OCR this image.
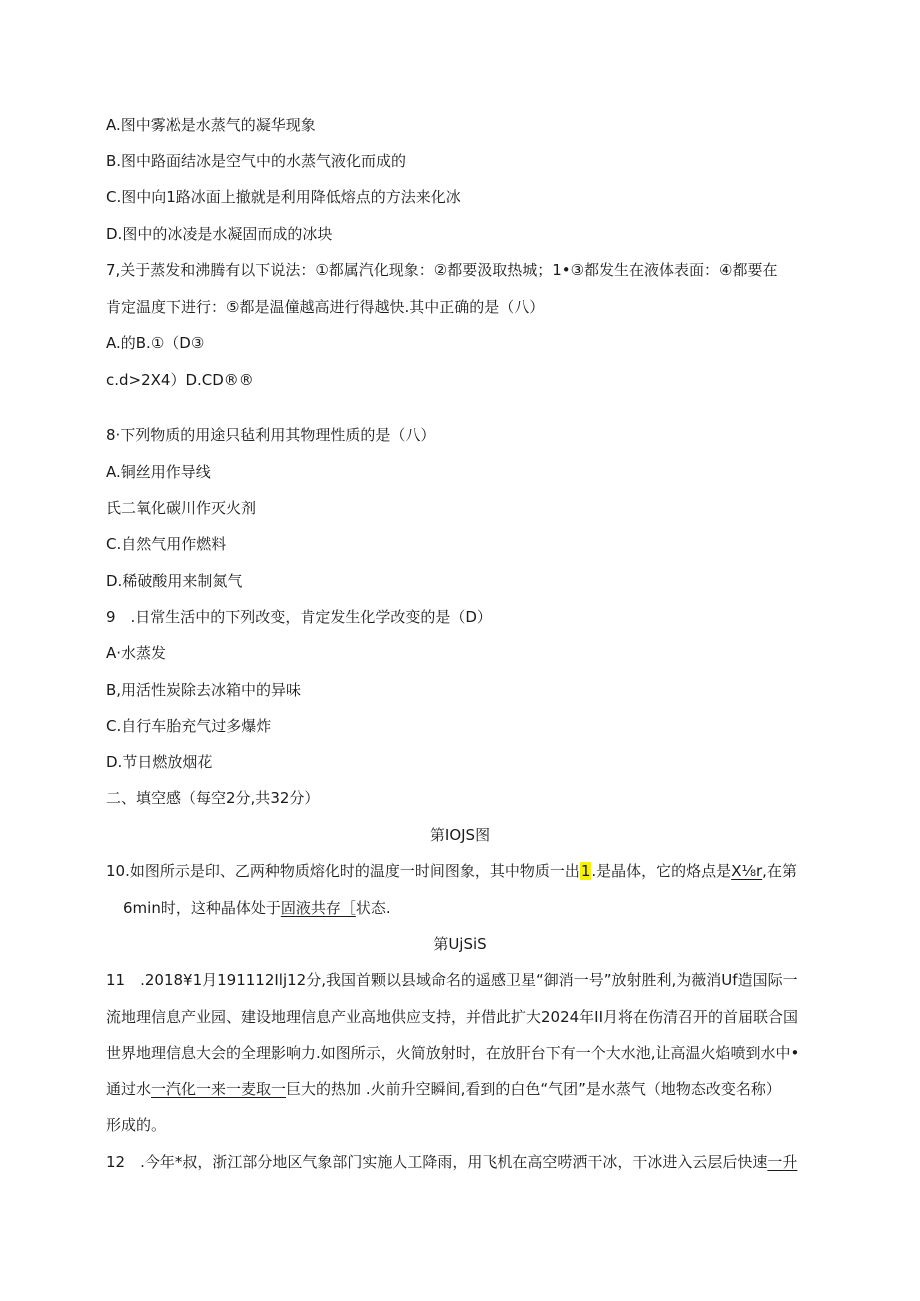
A.图中雾凇是水蒸气的凝华现象
B.图中路面结冰是空气中的水蒸气液化而成的
C.图中向1路冰面上撤就是利用降低熔点的方法来化冰
D.图中的冰凌是水凝固而成的冰块
7,关于蒸发和沸腾有以下说法：①都属汽化现象：②都要汲取热城；1•③都发生在液体表面：④都要在
肯定温度下进行：⑤都是温僮越高进行得越快.其中正确的是（八）
A.的B.①（D③
c.d>2X4）D.CD®®
8·下列物质的用途只毡利用其物理性质的是（八）
A.铜丝用作导线
氏二氧化碳川作灭火剂
C.自然气用作燃料
D.稀破酸用来制氮气
9　.日常生活中的下列改变，肯定发生化学改变的是（D）
A·水蒸发
B,用活性炭除去冰箱中的异味
C.自行车胎充气过多爆炸
D.节日燃放烟花
二、填空感（每空2分,共32分）
第IOJS图
10.如图所示是印、乙两种物质熔化时的温度一时间图象，其中物质一出1.是晶体，它的烙点是X⅛r,在第
6min时，这种晶体处于固液共存［状态.
第UjSiS
11　.2018¥1月191112Ilj12分,我国首颗以县域命名的遥感卫星“御消一号”放射胜利,为薇消Uf造国际一
流地理信息产业园、建设地理信息产业高地供应支持，并借此扩大2024年II月将在伤清召开的首届联合国
世界地理信息大会的全理影响力.如图所示，火简放射时，在放肝台下有一个大水池,让高温火焰喷到水中•
通过水一汽化一来一麦取一巨大的热加 .火前升空瞬间,看到的白色“气团”是水蒸气（地物态改变名称）
形成的。
12　.今年*叔，浙江部分地区气象部门实施人工降雨，用飞机在高空唠洒干冰，干冰进入云层后快速一升
